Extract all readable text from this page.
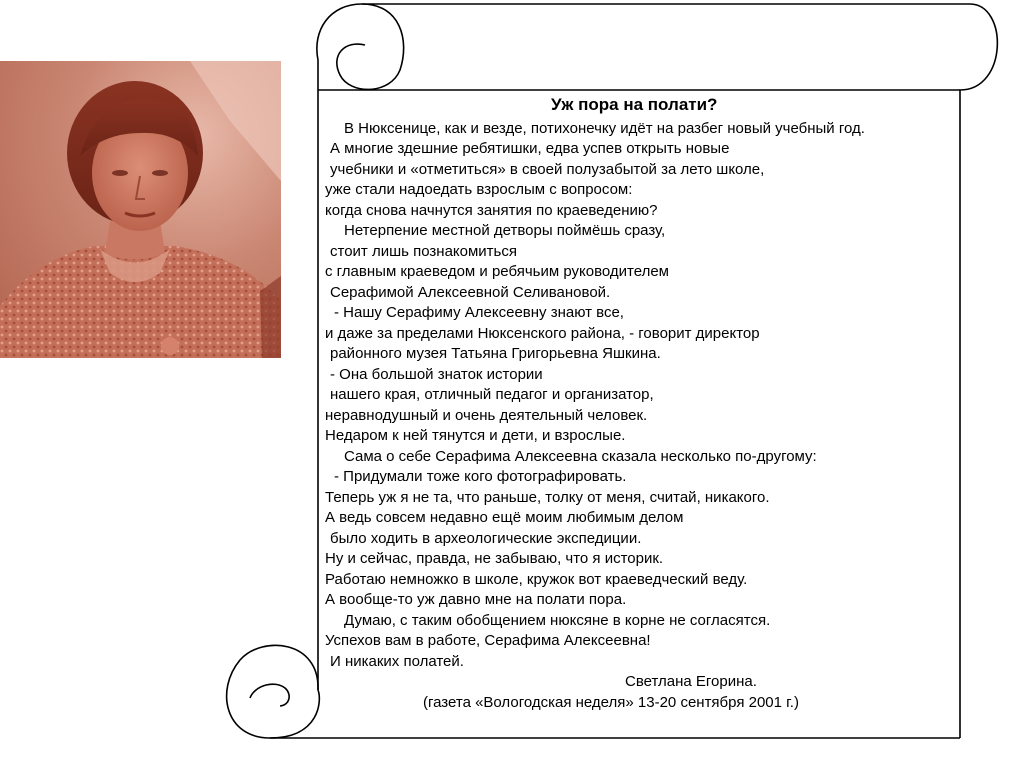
Уж пора на полати?
В Нюксенице, как и везде, потихонечку идёт на разбег новый учебный год.
А многие здешние ребятишки, едва успев открыть новые
учебники и «отметиться» в своей полузабытой за лето школе,
уже стали надоедать взрослым с вопросом:
когда снова начнутся занятия по краеведению?
Нетерпение местной детворы поймёшь сразу,
стоит лишь познакомиться
с главным краеведом и ребячьим руководителем
Серафимой Алексеевной Селивановой.
- Нашу Серафиму Алексеевну знают все,
и даже за пределами Нюксенского района, - говорит директор
районного музея Татьяна Григорьевна Яшкина.
- Она большой знаток истории
нашего края, отличный педагог и организатор,
неравнодушный и очень деятельный человек.
Недаром к ней тянутся и дети, и взрослые.
Сама о себе Серафима Алексеевна сказала несколько по-другому:
- Придумали тоже кого фотографировать.
Теперь уж я не та, что раньше, толку от меня, считай, никакого.
А ведь совсем недавно ещё моим любимым делом
было ходить в археологические экспедиции.
Ну и сейчас, правда, не забываю, что я историк.
Работаю немножко в школе, кружок вот краеведческий веду.
А вообще-то уж давно мне на полати пора.
Думаю, с таким обобщением нюксяне в корне не согласятся.
Успехов вам в работе, Серафима Алексеевна!
И никаких полатей.
Светлана Егорина.
(газета «Вологодская неделя» 13-20 сентября 2001 г.)
